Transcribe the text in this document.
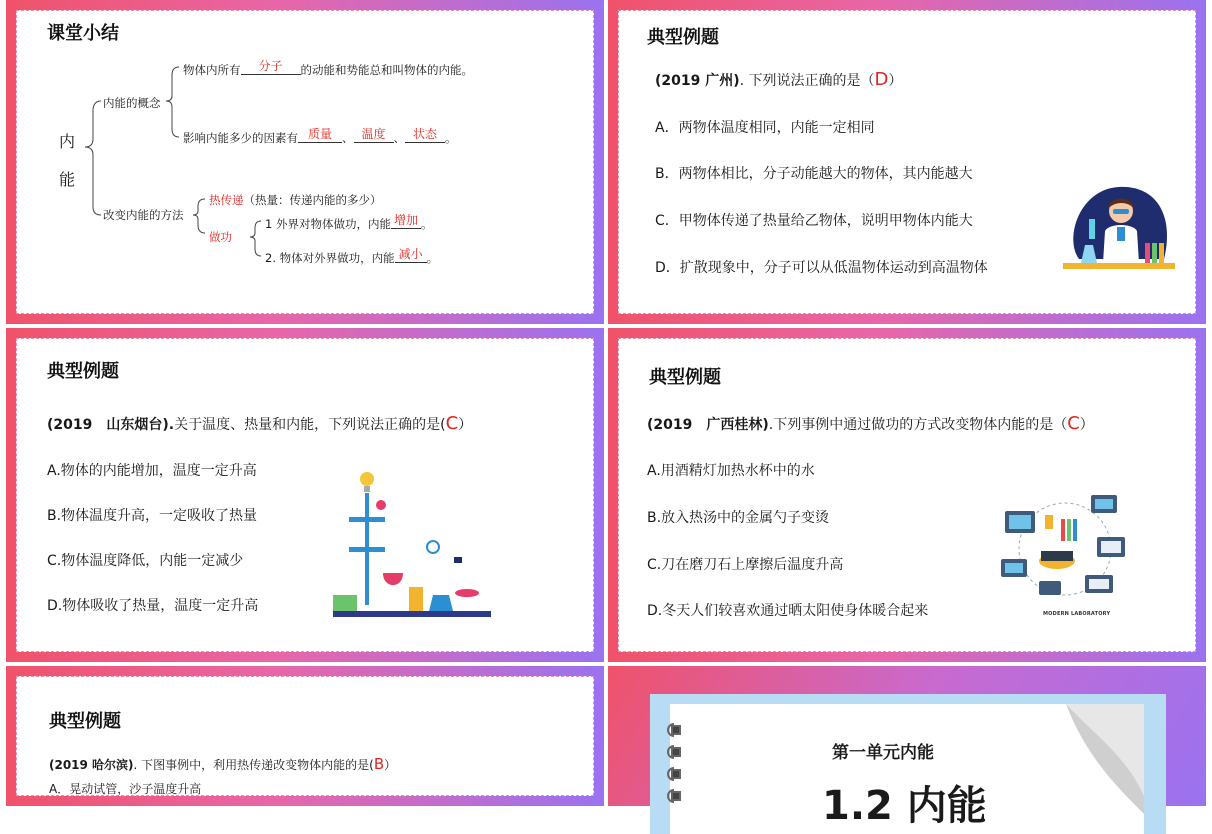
课堂小结
内
能
内能的概念
物体内所有 分子 的动能和势能总和叫物体的内能。
影响内能多少的因素有 质量 、 温度 、 状态 。
改变内能的方法
热传递（热量：传递内能的多少）
做功
1 外界对物体做功，内能 增加 。
2. 物体对外界做功，内能 减小 。
典型例题
(2019 广州). 下列说法正确的是（D）
A．两物体温度相同，内能一定相同
B．两物体相比，分子动能越大的物体，其内能越大
C．甲物体传递了热量给乙物体，说明甲物体内能大
D．扩散现象中，分子可以从低温物体运动到高温物体
典型例题
(2019　山东烟台).关于温度、热量和内能，下列说法正确的是(C）
A.物体的内能增加，温度一定升高
B.物体温度升高，一定吸收了热量
C.物体温度降低，内能一定减少
D.物体吸收了热量，温度一定升高
典型例题
(2019　广西桂林).下列事例中通过做功的方式改变物体内能的是（C）
A.用酒精灯加热水杯中的水
B.放入热汤中的金属勺子变烫
C.刀在磨刀石上摩擦后温度升高
D.冬天人们较喜欢通过晒太阳使身体暖合起来	MODERN LABORATORY
典型例题
(2019 哈尔滨). 下图事例中，利用热传递改变物体内能的是(B）
A．晃动试管，沙子温度升高
第一单元内能
1.2 内能
